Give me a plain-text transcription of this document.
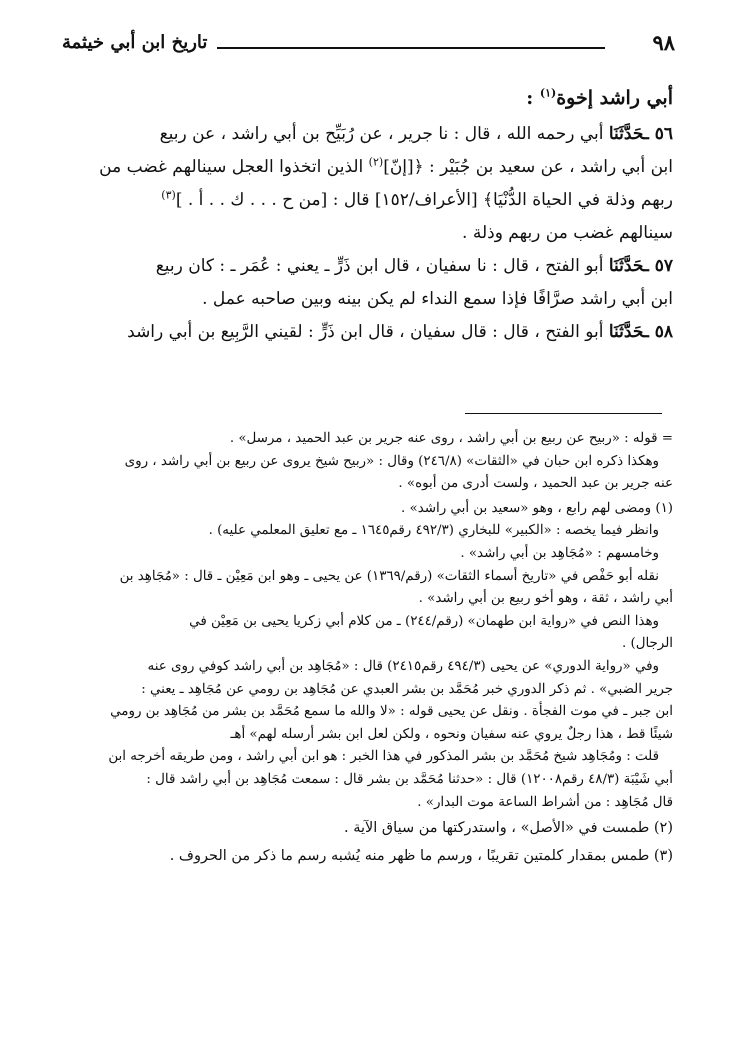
٩٨
تاريخ ابن أبي خيثمة

أبي راشد إخوة$^{(١)}$ :

٥٦ ـحَدَّثَنَا أبي رحمه الله ، قال : نا جرير ، عن رُبَيِّح بن أبي راشد ، عن ربيع

ابن أبي راشد ، عن سعيد بن جُبَيْر : ﴿[إنّ]$^{(٢)}$ الذين اتخذوا العجل سينالهم غضب من

ربهم وذلة في الحياة الدُّنْيَا﴾ [الأعراف/١٥٢] قال : [من ح . . . ك . . أ . ]$^{(٣)}$

سينالهم غضب من ربهم وذلة .

٥٧ ـحَدَّثَنَا أبو الفتح ، قال : نا سفيان ، قال ابن ذَرٍّ ـ يعني : عُمَر ـ : كان ربيع

ابن أبي راشد صرَّافًا فإذا سمع النداء لم يكن بينه وبين صاحبه عمل .

٥٨ ـحَدَّثَنَا أبو الفتح ، قال : قال سفيان ، قال ابن ذَرٍّ : لقيني الرَّبِيع بن أبي راشد

= قوله : «ربيح عن ربيع بن أبي راشد ، روى عنه جرير بن عبد الحميد ، مرسل» .

وهكذا ذكره ابن حبان في «الثقات» (٢٤٦/٨) وقال : «ربيح شيخ يروى عن ربيع بن أبي راشد ، روى

عنه جرير بن عبد الحميد ، ولست أدرى من أبوه» .

(١) ومضى لهم رابع ، وهو «سعيد بن أبي راشد» .

وانظر فيما يخصه : «الكبير» للبخاري (٤٩٢/٣ رقم١٦٤٥ ـ مع تعليق المعلمي عليه) .

وخامسهم : «مُجَاهِد بن أبي راشد» .

نقله أبو حَفْص في «تاريخ أسماء الثقات» (رقم/١٣٦٩) عن يحيى ـ وهو ابن مَعِيْن ـ قال : «مُجَاهِد بن

أبي راشد ، ثقة ، وهو أخو ربيع بن أبي راشد» .

وهذا النص في «رواية ابن طهمان» (رقم/٢٤٤) ـ من كلام أبي زكريا يحيى بن مَعِيْن في

الرجال) .

وفي «رواية الدوري» عن يحيى (٤٩٤/٣ رقم٢٤١٥) قال : «مُجَاهِد بن أبي راشد كوفي روى عنه

جرير الضبي» . ثم ذكر الدوري خبر مُحَمَّد بن بشر العبدي عن مُجَاهِد بن رومي عن مُجَاهِد ـ يعني :

ابن جبر ـ في موت الفجأة . ونقل عن يحيى قوله : «لا والله ما سمع مُحَمَّد بن بشر من مُجَاهِد بن رومي

شيئًا قط ، هذا رجلٌ يروي عنه سفيان ونحوه ، ولكن لعل ابن بشر أرسله لهم» أهـ

قلت : ومُجَاهِد شيخ مُحَمَّد بن بشر المذكور في هذا الخبر : هو ابن أبي راشد ، ومن طريقه أخرجه ابن

أبي شَيْبَة (٤٨/٣ رقم١٢٠٠٨) قال : «حدثنا مُحَمَّد بن بشر قال : سمعت مُجَاهِد بن أبي راشد قال :

قال مُجَاهِد : من أشراط الساعة موت البدار» .

(٢) طمست في «الأصل» ، واستدركتها من سياق الآية .

(٣) طمس بمقدار كلمتين تقريبًا ، ورسم ما ظهر منه يُشبه رسم ما ذكر من الحروف .
